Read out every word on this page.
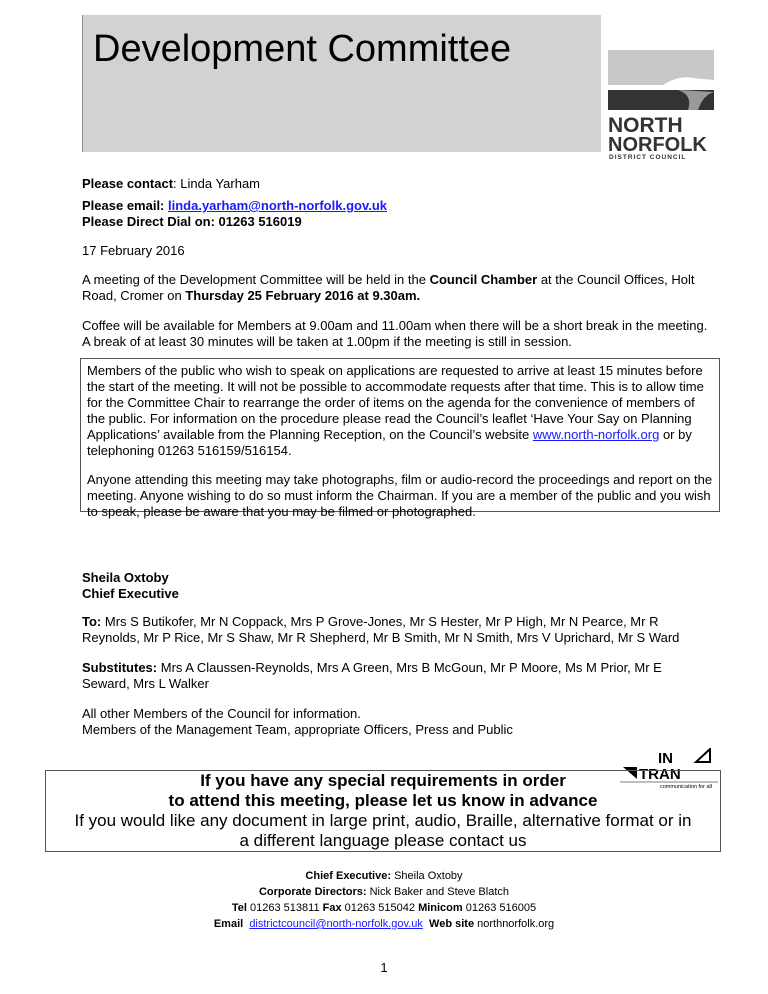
Development Committee
NORTH
NORFOLK
DISTRICT COUNCIL

Please contact: Linda Yarham

Please email: linda.yarham@north-norfolk.gov.uk

Please Direct Dial on: 01263 516019

17 February 2016

A meeting of the Development Committee will be held in the Council Chamber at the Council Offices, Holt Road, Cromer on Thursday 25 February 2016 at 9.30am.

Coffee will be available for Members at 9.00am and 11.00am when there will be a short break in the meeting. A break of at least 30 minutes will be taken at 1.00pm if the meeting is still in session.

Members of the public who wish to speak on applications are requested to arrive at least 15 minutes before the start of the meeting. It will not be possible to accommodate requests after that time. This is to allow time for the Committee Chair to rearrange the order of items on the agenda for the convenience of members of the public. For information on the procedure please read the Council’s leaflet ‘Have Your Say on Planning Applications’ available from the Planning Reception, on the Council’s website www.north-norfolk.org or by telephoning 01263 516159/516154.

Anyone attending this meeting may take photographs, film or audio-record the proceedings and report on the meeting. Anyone wishing to do so must inform the Chairman. If you are a member of the public and you wish to speak, please be aware that you may be filmed or photographed.

Sheila Oxtoby

Chief Executive

To: Mrs S Butikofer, Mr N Coppack, Mrs P Grove-Jones, Mr S Hester, Mr P High, Mr N Pearce, Mr R Reynolds, Mr P Rice, Mr S Shaw, Mr R Shepherd, Mr B Smith, Mr N Smith, Mrs V Uprichard, Mr S Ward

Substitutes: Mrs A Claussen-Reynolds, Mrs A Green, Mrs B McGoun, Mr P Moore, Ms M Prior, Mr E Seward, Mrs L Walker

All other Members of the Council for information.

Members of the Management Team, appropriate Officers, Press and Public

IN
TRAN
communication for all
If you have any special requirements in order
to attend this meeting, please let us know in advance
If you would like any document in large print, audio, Braille, alternative format or in
a different language please contact us
Chief Executive: Sheila Oxtoby
Corporate Directors: Nick Baker and Steve Blatch
Tel 01263 513811 Fax 01263 515042 Minicom 01263 516005
Email districtcouncil@north-norfolk.gov.uk Web site northnorfolk.org
1
